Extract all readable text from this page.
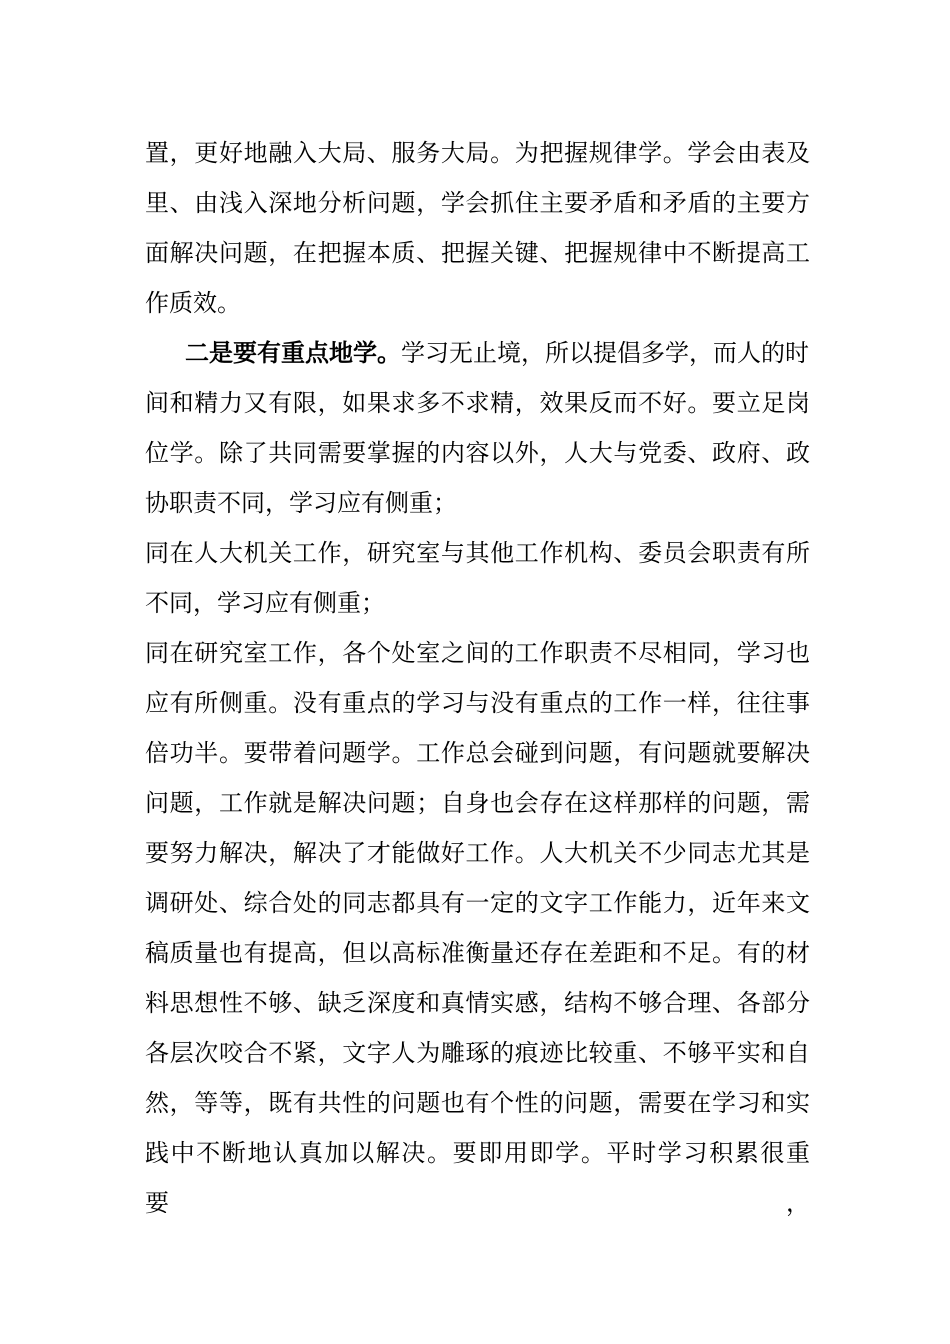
置，更好地融入大局、服务大局。为把握规律学。学会由表及
里、由浅入深地分析问题，学会抓住主要矛盾和矛盾的主要方
面解决问题，在把握本质、把握关键、把握规律中不断提高工
作质效。
二是要有重点地学。学习无止境，所以提倡多学，而人的时
间和精力又有限，如果求多不求精，效果反而不好。要立足岗
位学。除了共同需要掌握的内容以外，人大与党委、政府、政
协职责不同，学习应有侧重；
同在人大机关工作，研究室与其他工作机构、委员会职责有所
不同，学习应有侧重；
同在研究室工作，各个处室之间的工作职责不尽相同，学习也
应有所侧重。没有重点的学习与没有重点的工作一样，往往事
倍功半。要带着问题学。工作总会碰到问题，有问题就要解决
问题，工作就是解决问题；自身也会存在这样那样的问题，需
要努力解决，解决了才能做好工作。人大机关不少同志尤其是
调研处、综合处的同志都具有一定的文字工作能力，近年来文
稿质量也有提高，但以高标准衡量还存在差距和不足。有的材
料思想性不够、缺乏深度和真情实感，结构不够合理、各部分
各层次咬合不紧，文字人为雕琢的痕迹比较重、不够平实和自
然，等等，既有共性的问题也有个性的问题，需要在学习和实
践中不断地认真加以解决。要即用即学。平时学习积累很重要，
